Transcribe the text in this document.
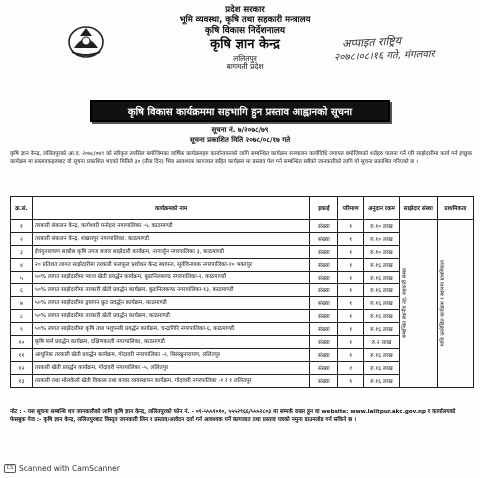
प्रदेश सरकार
भूमि व्यवस्था, कृषि तथा सहकारी मन्त्रालय
कृषि विकास निर्देशनालय
कृषि ज्ञान केन्द्र
ललितपुर
बागमती प्रदेश
अप्पाइत राष्ट्रिय
२०७८।०८।१६ गते, मंगलवार
कृषि विकास कार्यक्रममा सहभागि हुन प्रस्ताव आह्वानको सूचना
सूचना नं. ७/२०७८/७९
सूचना प्रकाशित मिति २०७८/०८/१७ गते
कृषि ज्ञान केन्द्र, ललितपुरको आ.व. २०७८/०७९ को स्वीकृत तपसिल बमोजिमका वार्षिक कार्यक्रमहरु कार्यान्वयनको लागि सम्बन्धित कार्यक्रम सञ्चालन कार्यविधि लगायत बमोजिमको शर्तहरु पालना गर्ने गरि साझेदारीमा कार्य गर्न इच्छुक कार्यक्रम मा प्रस्तावकहरुबाट यो सूचना प्रकाशित भएको मितिले ३० (तीस दिन) भित्र आवश्यक कागजात सहित कार्यक्रम मा प्रस्ताव पेश गर्न सम्बन्धित सबैको जानकारीको लागि यो सूचना प्रकाशित गरिएको छ ।
क्र.सं.	कार्यक्रमको नाम	इकाई	परिमाण	अनुदान रकम	साझेदार संस्था	प्राथमिकता
१	तरकारी संकलन केन्द्र, कागेश्वरी मनोहरा नगरपालिका -५, काठमाण्डौ	संख्या	१	रु.१० लाख	सम्बन्धित स्थानीय तह, सहकारी संस्था	माथि उल्लेखित कार्यक्रम र स्थानमा प्राथमिकता

२	तरकारी संकलन केन्द्र, शंखरापुर नगरपालिका, काठमाण्डौ	संख्या	१	रु.१० लाख		
३	ईचंगुनारायण साबोस कृषि उपज बजार साझेदारी कार्यक्रम, नागार्जुन नगरपालिका ३, काठमाण्डौ	संख्या	१	रु.१० लाख		
४	२० प्रतिशत लागत साझेदारीमा तरकारी फलफूल प्रशोधन केन्द्र स्थापना, सूर्यविनायक नगरपालिका-१० भक्तपुर	संख्या	१	रु.१६ लाख		
५	५०% लागत साझेदारीमा प्याज खेती प्रवर्द्धन कार्यक्रम, बुढानिलकण्ठ नगरपालिका-२, काठमाण्डौ	संख्या	१	रु.१६ लाख		
६	५०% लागत साझेदारीमा तरकारी खेती प्रवर्द्धन कार्यक्रम, बुढानिलकण्ठ नगरपालिका-१३, काठमाण्डौ	संख्या	१	रु.१६ लाख		
७	५०% लागत साझेदारीमा ड्रयागन फ्रुट प्रवर्द्धन कार्यक्रम, काठमाण्डौ	संख्या	१	रु.१६ लाख		
८	५०% लागत साझेदारीमा तरकारी खेती प्रवर्द्धन कार्यक्रम, काठमाण्डौ	संख्या	१	रु.१६ लाख		
९	५०% लागत साझेदारीमा कृषि तथा पशुपन्छी प्रवर्द्धन कार्यक्रम, चन्द्रागिरि नगरपालिका-६, काठमाण्डौ	संख्या	१	रु.१६ लाख		
१०	कृषि फर्म प्रवर्द्धन कार्यक्रम, दक्षिणकाली नगरपालिका, काठमाण्डौ	संख्या	१	रु.२ लाख		
११	आधुनिक तरकारी खेती प्रवर्द्धन कार्यक्रम, गोदावरी नगरपालिका -२, बिसंखुनारायण, ललितपुर	संख्या	१	रु.१६ लाख		
१२	तरकारी खेती प्रवर्द्धन कार्यक्रम, गोदावरी नगरपालिका -५, ललितपुर	संख्या	१	रु.१६ लाख		
१३	तरकारी तथा मोलकेलो खेती विकास तथा बजार व्यवस्थापन कार्यक्रम, गोदावरी नगरपालिका -१ र १ ललितपुर	संख्या	१	रु.१६ लाख		
नोट : - यस सूचना सम्बन्धि थप जानकारीको लागि कृषि ज्ञान केन्द्र, ललितपुरको फोन नं. - ०१-५५५१०१०, ५५५२९६६/५५५२८०३ मा सम्पर्क राख्न हुन वा website: www.lalitpur.akc.gov.np र कार्यालयको फेसबुक पेज :- कृषि ज्ञान केन्द्र, ललितपुरबाट विस्तृत जानकारी लिन र प्रस्ताव/आवेदन दर्ता गर्न आवश्यक पर्ने कागजात तथा प्रस्ताव पत्रको नमुना डाउनलोड गर्न सकिने छ ।
CS Scanned with CamScanner
